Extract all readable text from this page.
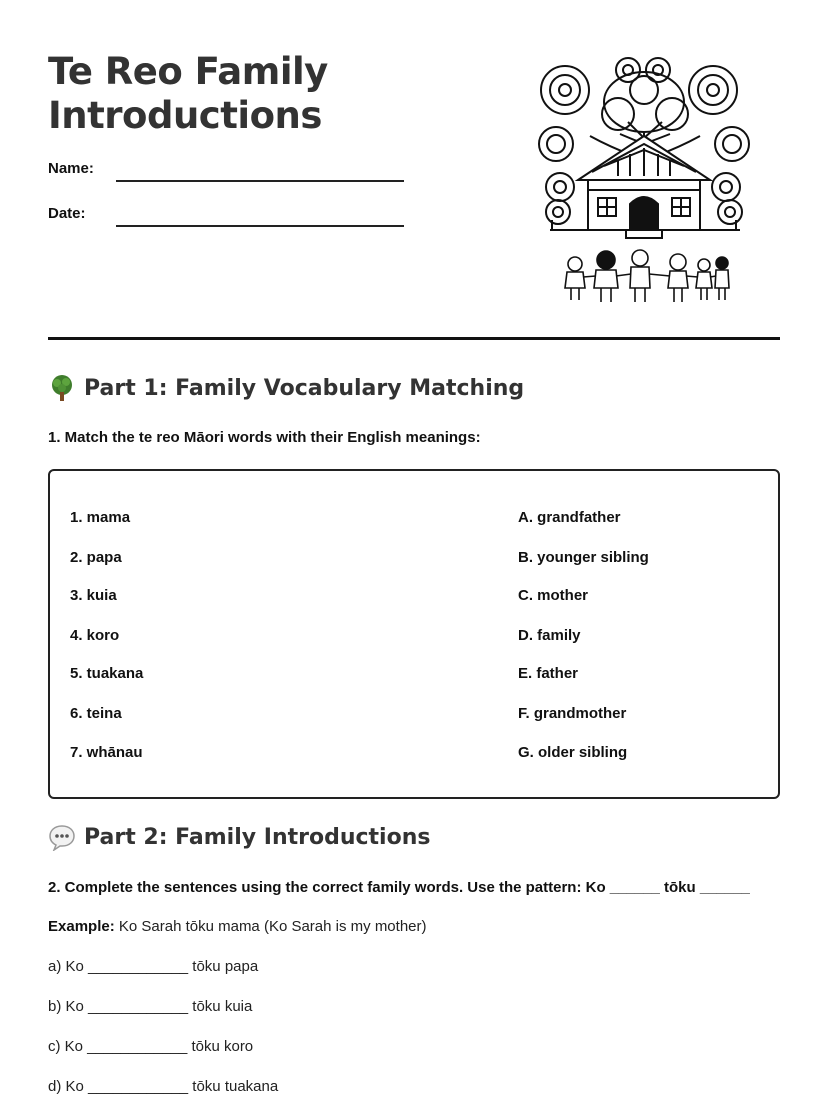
Te Reo Family
Introductions
Name:
Date:
Part 1: Family Vocabulary Matching
1. Match the te reo Māori words with their English meanings:
1. mama
2. papa
3. kuia
4. koro
5. tuakana
6. teina
7. whānau
A. grandfather
B. younger sibling
C. mother
D. family
E. father
F. grandmother
G. older sibling
Part 2: Family Introductions
2. Complete the sentences using the correct family words. Use the pattern: Ko ______ tōku ______
Example: Ko Sarah tōku mama (Ko Sarah is my mother)
a) Ko ____________ tōku papa
b) Ko ____________ tōku kuia
c) Ko ____________ tōku koro
d) Ko ____________ tōku tuakana
